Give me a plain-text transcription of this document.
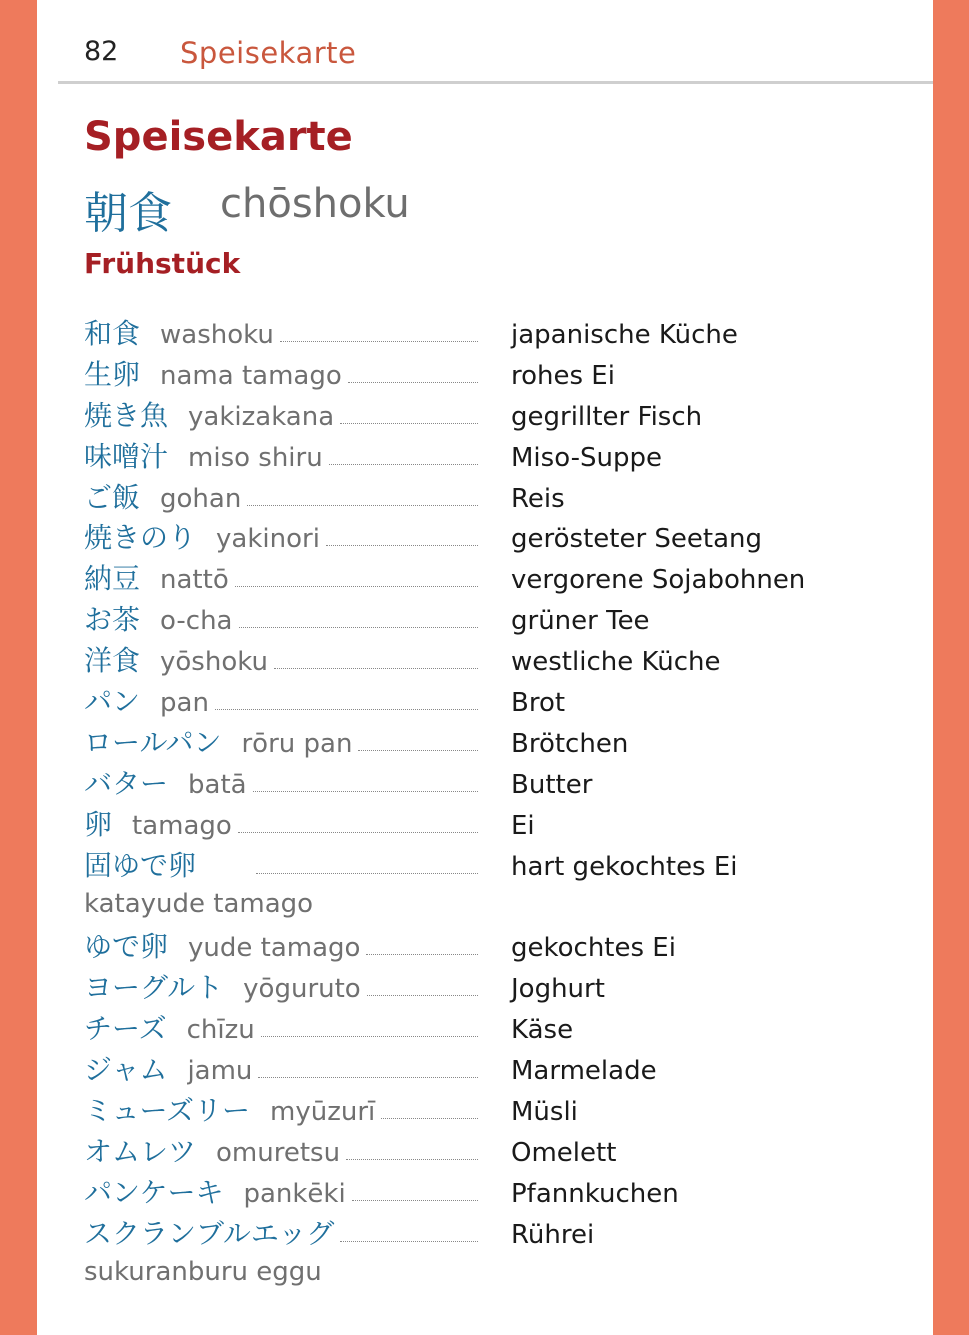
82 Speisekarte
Speisekarte
朝食 chōshoku
Frühstück
和食 washoku	japanische Küche
生卵 nama tamago	rohes Ei
焼き魚 yakizakana	gegrillter Fisch
味噌汁 miso shiru	Miso-Suppe
ご飯 gohan	Reis
焼きのり yakinori	gerösteter Seetang
納豆 nattō	vergorene Sojabohnen
お茶 o-cha	grüner Tee
洋食 yōshoku	westliche Küche
パン pan	Brot
ロールパン rōru pan	Brötchen
バター batā	Butter
卵 tamago	Ei
固ゆで卵	hart gekochtes Ei
katayude tamago
ゆで卵 yude tamago	gekochtes Ei
ヨーグルト yōguruto	Joghurt
チーズ chīzu	Käse
ジャム jamu	Marmelade
ミューズリー myūzurī	Müsli
オムレツ omuretsu	Omelett
パンケーキ pankēki	Pfannkuchen
スクランブルエッグ	Rührei
sukuranburu eggu
